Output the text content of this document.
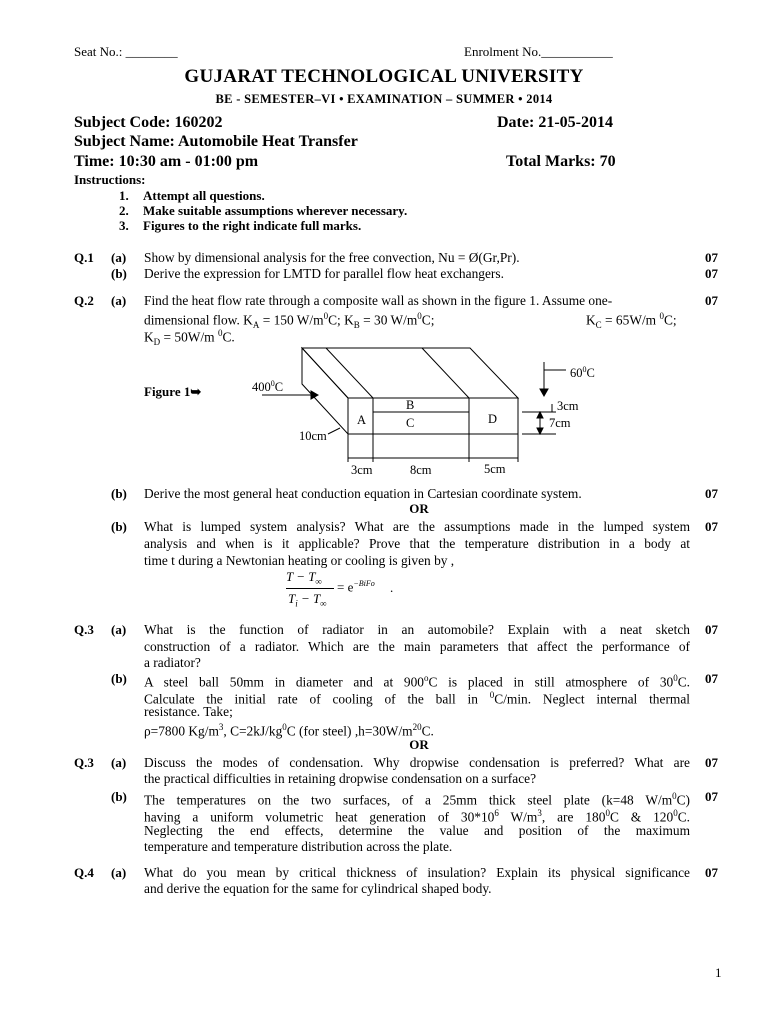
Seat No.: ________	Enrolment No.___________
GUJARAT TECHNOLOGICAL UNIVERSITY
BE - SEMESTER–VI • EXAMINATION – SUMMER • 2014
Subject Code: 160202	Date: 21-05-2014
Subject Name: Automobile Heat Transfer
Time: 10:30 am - 01:00 pm	Total Marks: 70
Instructions:
1. Attempt all questions.
2. Make suitable assumptions wherever necessary.
3. Figures to the right indicate full marks.
Q.1 (a) Show by dimensional analysis for the free convection, Nu = Ø(Gr,Pr).	07
(b) Derive the expression for LMTD for parallel flow heat exchangers.	07
Q.2 (a) Find the heat flow rate through a composite wall as shown in the figure 1. Assume one-	07
dimensional flow. $K_A = 150$ $W/m^0C$; $K_B = 30$ $W/m^0C$;	$K_C = 65W/m$ $^0$C;
$K_D = 50W/m$ $^0$C.
Figure 1➥	$400^0C$
$60^0C$
A
B
C	D
3cm
7cm
10cm
3cm	8cm	5cm
(b) Derive the most general heat conduction equation in Cartesian coordinate system.	07
OR
(b) What is lumped system analysis? What are the assumptions made in the lumped system 07
analysis and when is it applicable? Prove that the temperature distribution in a body at
time t during a Newtonian heating or cooling is given by ,
$T - T_\infty$
$T_i - T_\infty$
= $e^{-BiFo}$ .
Q.3 (a) What is the function of radiator in an automobile? Explain with a neat sketch 07
construction of a radiator. Which are the main parameters that affect the performance of
a radiator?
(b) A steel ball 50mm in diameter and at 900$^o$C is placed in still atmosphere of $30^0C$. 07
Calculate the initial rate of cooling of the ball in $^0$C/min. Neglect internal thermal
resistance. Take;
ρ=7800 $Kg/m^3$, $C=2kJ/kg^0C$ (for steel) $,h=30W/m^{20}C$.
OR
Q.3 (a) Discuss the modes of condensation. Why dropwise condensation is preferred? What are 07
the practical difficulties in retaining dropwise condensation on a surface?
(b) The temperatures on the two surfaces, of a 25mm thick steel plate (k=48 $W/m^0C$) 07
having a uniform volumetric heat generation of $30*10^6$ $W/m^3$, are $180^0C$ & $120^0C$.
Neglecting the end effects, determine the value and position of the maximum
temperature and temperature distribution across the plate.
Q.4 (a) What do you mean by critical thickness of insulation? Explain its physical significance 07
and derive the equation for the same for cylindrical shaped body.
1
